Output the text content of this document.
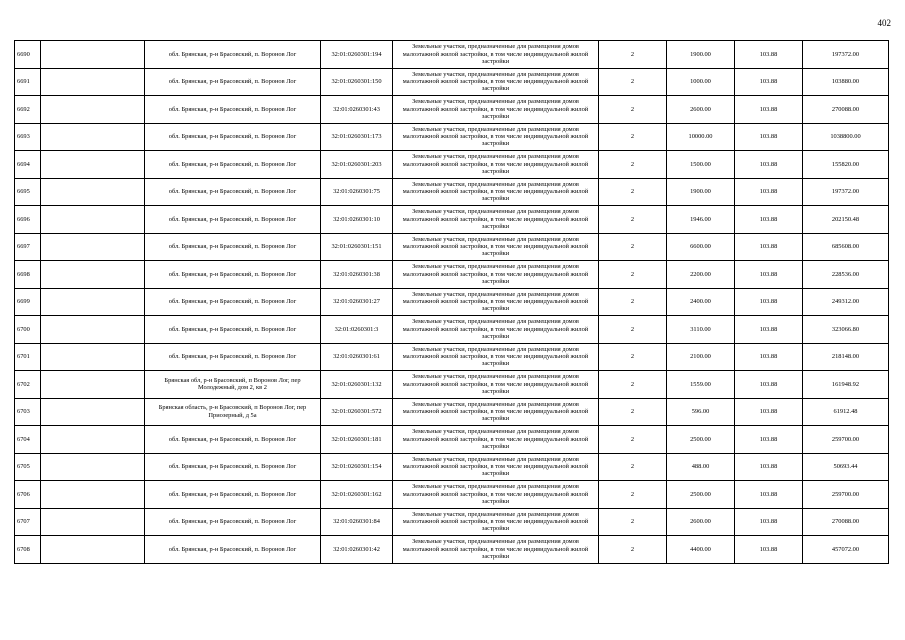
402
6690		обл. Брянская, р-н Брасовский, п. Воронов Лог	32:01:0260301:194	Земельные участки, предназначенные для размещения домов малоэтажной жилой застройки, в том числе индивидуальной жилой застройки	2	1900.00	103.88	197372.00
6691		обл. Брянская, р-н Брасовский, п. Воронов Лог	32:01:0260301:150	Земельные участки, предназначенные для размещения домов малоэтажной жилой застройки, в том числе индивидуальной жилой застройки	2	1000.00	103.88	103880.00
6692		обл. Брянская, р-н Брасовский, п. Воронов Лог	32:01:0260301:43	Земельные участки, предназначенные для размещения домов малоэтажной жилой застройки, в том числе индивидуальной жилой застройки	2	2600.00	103.88	270088.00
6693		обл. Брянская, р-н Брасовский, п. Воронов Лог	32:01:0260301:173	Земельные участки, предназначенные для размещения домов малоэтажной жилой застройки, в том числе индивидуальной жилой застройки	2	10000.00	103.88	1038800.00
6694		обл. Брянская, р-н Брасовский, п. Воронов Лог	32:01:0260301:203	Земельные участки, предназначенные для размещения домов малоэтажной жилой застройки, в том числе индивидуальной жилой застройки	2	1500.00	103.88	155820.00
6695		обл. Брянская, р-н Брасовский, п. Воронов Лог	32:01:0260301:75	Земельные участки, предназначенные для размещения домов малоэтажной жилой застройки, в том числе индивидуальной жилой застройки	2	1900.00	103.88	197372.00
6696		обл. Брянская, р-н Брасовский, п. Воронов Лог	32:01:0260301:10	Земельные участки, предназначенные для размещения домов малоэтажной жилой застройки, в том числе индивидуальной жилой застройки	2	1946.00	103.88	202150.48
6697		обл. Брянская, р-н Брасовский, п. Воронов Лог	32:01:0260301:151	Земельные участки, предназначенные для размещения домов малоэтажной жилой застройки, в том числе индивидуальной жилой застройки	2	6600.00	103.88	685608.00
6698		обл. Брянская, р-н Брасовский, п. Воронов Лог	32:01:0260301:38	Земельные участки, предназначенные для размещения домов малоэтажной жилой застройки, в том числе индивидуальной жилой застройки	2	2200.00	103.88	228536.00
6699		обл. Брянская, р-н Брасовский, п. Воронов Лог	32:01:0260301:27	Земельные участки, предназначенные для размещения домов малоэтажной жилой застройки, в том числе индивидуальной жилой застройки	2	2400.00	103.88	249312.00
6700		обл. Брянская, р-н Брасовский, п. Воронов Лог	32:01:0260301:3	Земельные участки, предназначенные для размещения домов малоэтажной жилой застройки, в том числе индивидуальной жилой застройки	2	3110.00	103.88	323066.80
6701		обл. Брянская, р-н Брасовский, п. Воронов Лог	32:01:0260301:61	Земельные участки, предназначенные для размещения домов малоэтажной жилой застройки, в том числе индивидуальной жилой застройки	2	2100.00	103.88	218148.00
6702		Брянская обл, р-н Брасовский, п Воронов Лог, пер Молодежный, дом 2, кв 2	32:01:0260301:132	Земельные участки, предназначенные для размещения домов малоэтажной жилой застройки, в том числе индивидуальной жилой застройки	2	1559.00	103.88	161948.92
6703		Брянская область, р-н Брасовский, п Воронов Лог, пер Приозерный, д 5а	32:01:0260301:572	Земельные участки, предназначенные для размещения домов малоэтажной жилой застройки, в том числе индивидуальной жилой застройки	2	596.00	103.88	61912.48
6704		обл. Брянская, р-н Брасовский, п. Воронов Лог	32:01:0260301:181	Земельные участки, предназначенные для размещения домов малоэтажной жилой застройки, в том числе индивидуальной жилой застройки	2	2500.00	103.88	259700.00
6705		обл. Брянская, р-н Брасовский, п. Воронов Лог	32:01:0260301:154	Земельные участки, предназначенные для размещения домов малоэтажной жилой застройки, в том числе индивидуальной жилой застройки	2	488.00	103.88	50693.44
6706		обл. Брянская, р-н Брасовский, п. Воронов Лог	32:01:0260301:162	Земельные участки, предназначенные для размещения домов малоэтажной жилой застройки, в том числе индивидуальной жилой застройки	2	2500.00	103.88	259700.00
6707		обл. Брянская, р-н Брасовский, п. Воронов Лог	32:01:0260301:84	Земельные участки, предназначенные для размещения домов малоэтажной жилой застройки, в том числе индивидуальной жилой застройки	2	2600.00	103.88	270088.00
6708		обл. Брянская, р-н Брасовский, п. Воронов Лог	32:01:0260301:42	Земельные участки, предназначенные для размещения домов малоэтажной жилой застройки, в том числе индивидуальной жилой застройки	2	4400.00	103.88	457072.00
